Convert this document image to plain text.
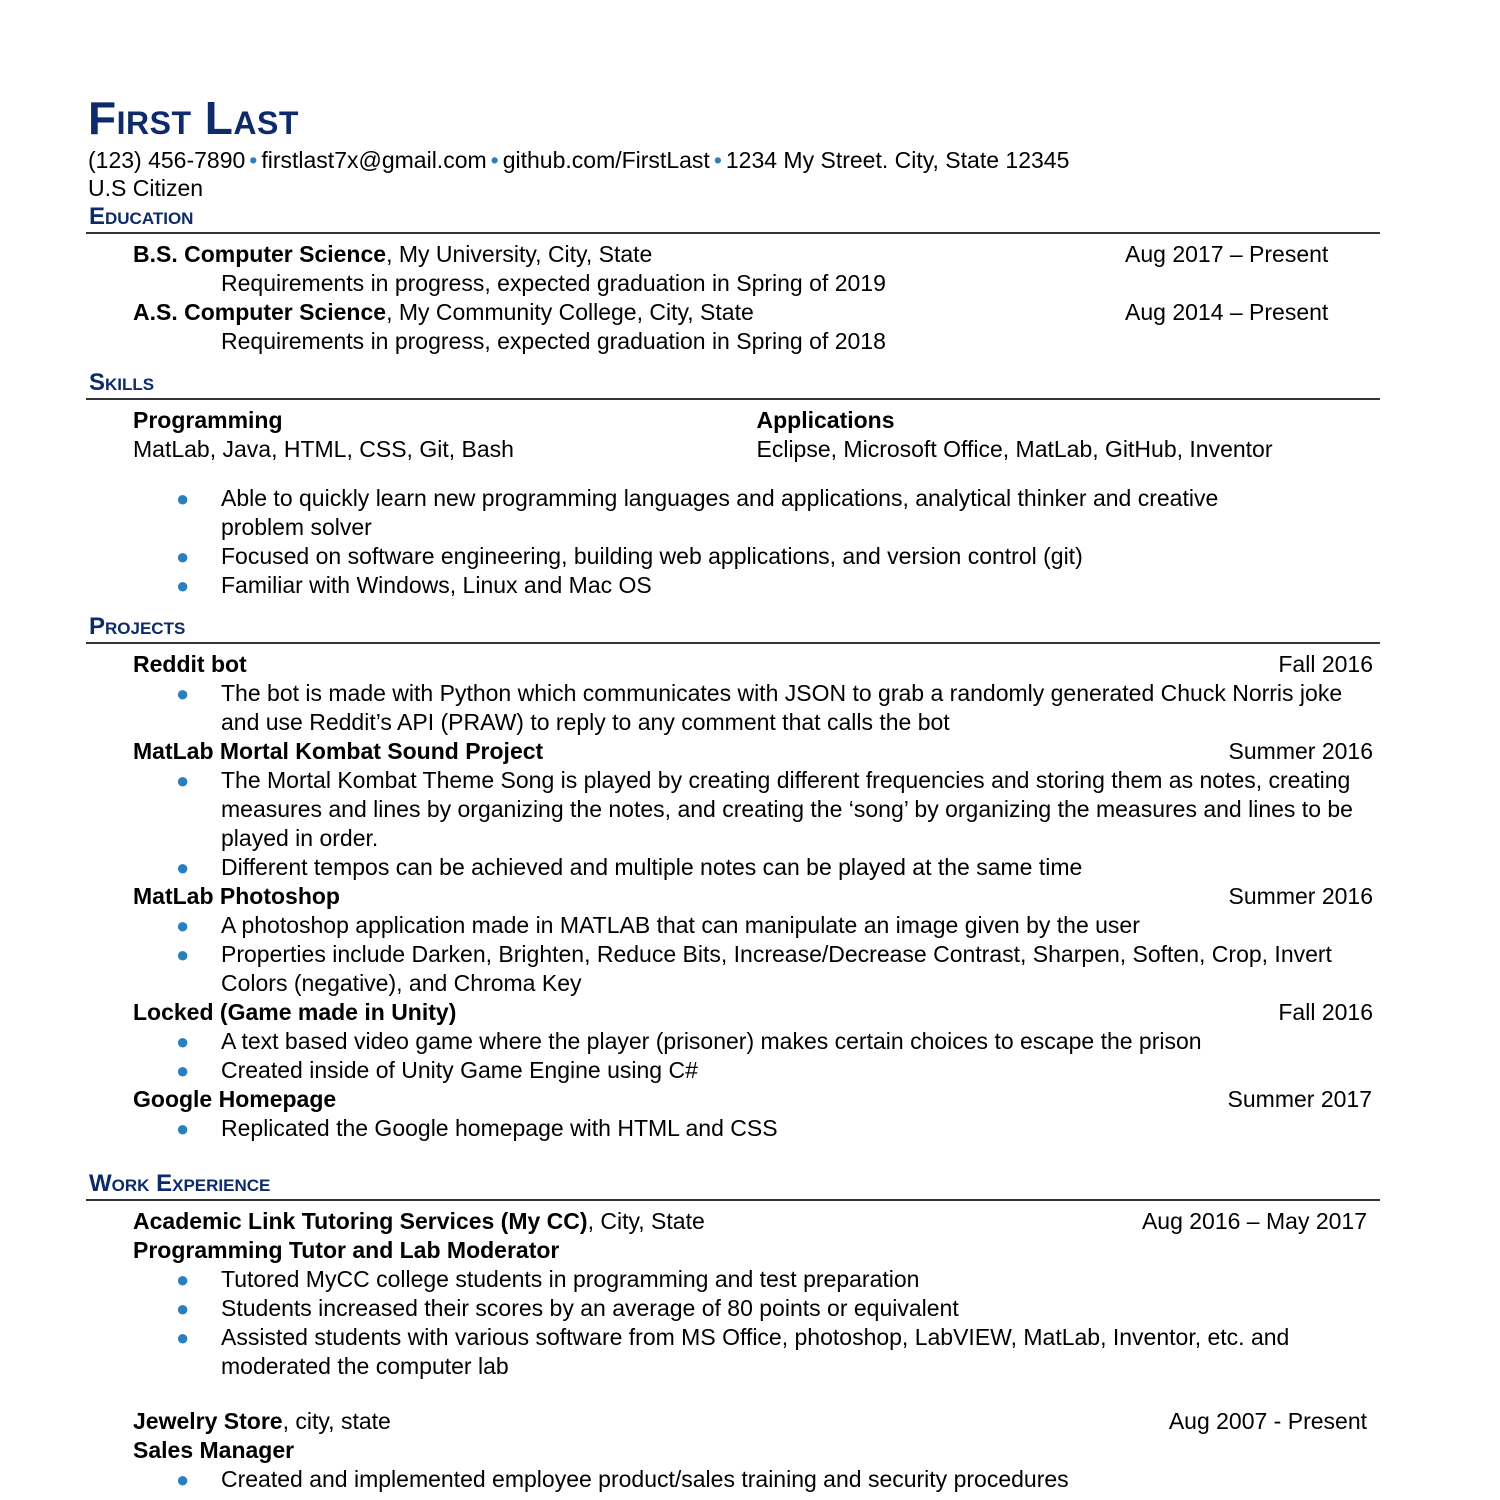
First Last
(123) 456-7890 • firstlast7x@gmail.com • github.com/FirstLast • 1234 My Street. City, State 12345
U.S Citizen
Education
B.S. Computer Science, My University, City, State	Aug 2017 – Present
Requirements in progress, expected graduation in Spring of 2019
A.S. Computer Science, My Community College, City, State	Aug 2014 – Present
Requirements in progress, expected graduation in Spring of 2018
Skills
Programming
MatLab, Java, HTML, CSS, Git, Bash
Applications
Eclipse, Microsoft Office, MatLab, GitHub, Inventor
● Able to quickly learn new programming languages and applications, analytical thinker and creative problem solver
● Focused on software engineering, building web applications, and version control (git)
● Familiar with Windows, Linux and Mac OS
Projects
Reddit bot	Fall 2016
● The bot is made with Python which communicates with JSON to grab a randomly generated Chuck Norris joke and use Reddit’s API (PRAW) to reply to any comment that calls the bot
MatLab Mortal Kombat Sound Project	Summer 2016
● The Mortal Kombat Theme Song is played by creating different frequencies and storing them as notes, creating measures and lines by organizing the notes, and creating the ‘song’ by organizing the measures and lines to be played in order.
● Different tempos can be achieved and multiple notes can be played at the same time
MatLab Photoshop	Summer 2016
● A photoshop application made in MATLAB that can manipulate an image given by the user
● Properties include Darken, Brighten, Reduce Bits, Increase/Decrease Contrast, Sharpen, Soften, Crop, Invert Colors (negative), and Chroma Key
Locked (Game made in Unity)	Fall 2016
● A text based video game where the player (prisoner) makes certain choices to escape the prison
● Created inside of Unity Game Engine using C#
Google Homepage	Summer 2017
● Replicated the Google homepage with HTML and CSS
Work Experience
Academic Link Tutoring Services (My CC), City, State	Aug 2016 – May 2017
Programming Tutor and Lab Moderator
● Tutored MyCC college students in programming and test preparation
● Students increased their scores by an average of 80 points or equivalent
● Assisted students with various software from MS Office, photoshop, LabVIEW, MatLab, Inventor, etc. and moderated the computer lab
Jewelry Store, city, state	Aug 2007 - Present
Sales Manager
● Created and implemented employee product/sales training and security procedures
